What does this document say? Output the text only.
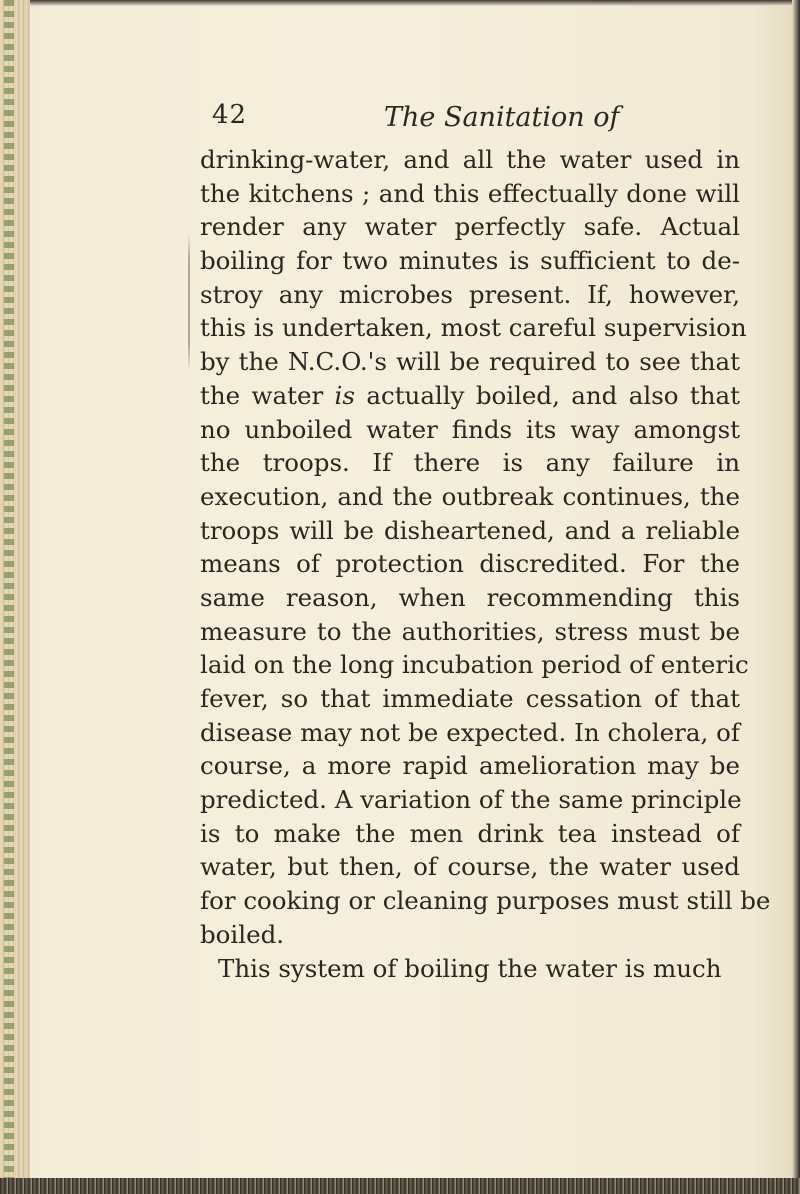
42	The Sanitation of
drinking-water, and all the water used in
the kitchens ; and this effectually done will
render any water perfectly safe. Actual
boiling for two minutes is sufficient to de-
stroy any microbes present. If, however,
this is undertaken, most careful supervision
by the N.C.O.'s will be required to see that
the water is actually boiled, and also that
no unboiled water finds its way amongst
the troops. If there is any failure in
execution, and the outbreak continues, the
troops will be disheartened, and a reliable
means of protection discredited. For the
same reason, when recommending this
measure to the authorities, stress must be
laid on the long incubation period of enteric
fever, so that immediate cessation of that
disease may not be expected. In cholera, of
course, a more rapid amelioration may be
predicted. A variation of the same principle
is to make the men drink tea instead of
water, but then, of course, the water used
for cooking or cleaning purposes must still be
boiled.
This system of boiling the water is much
